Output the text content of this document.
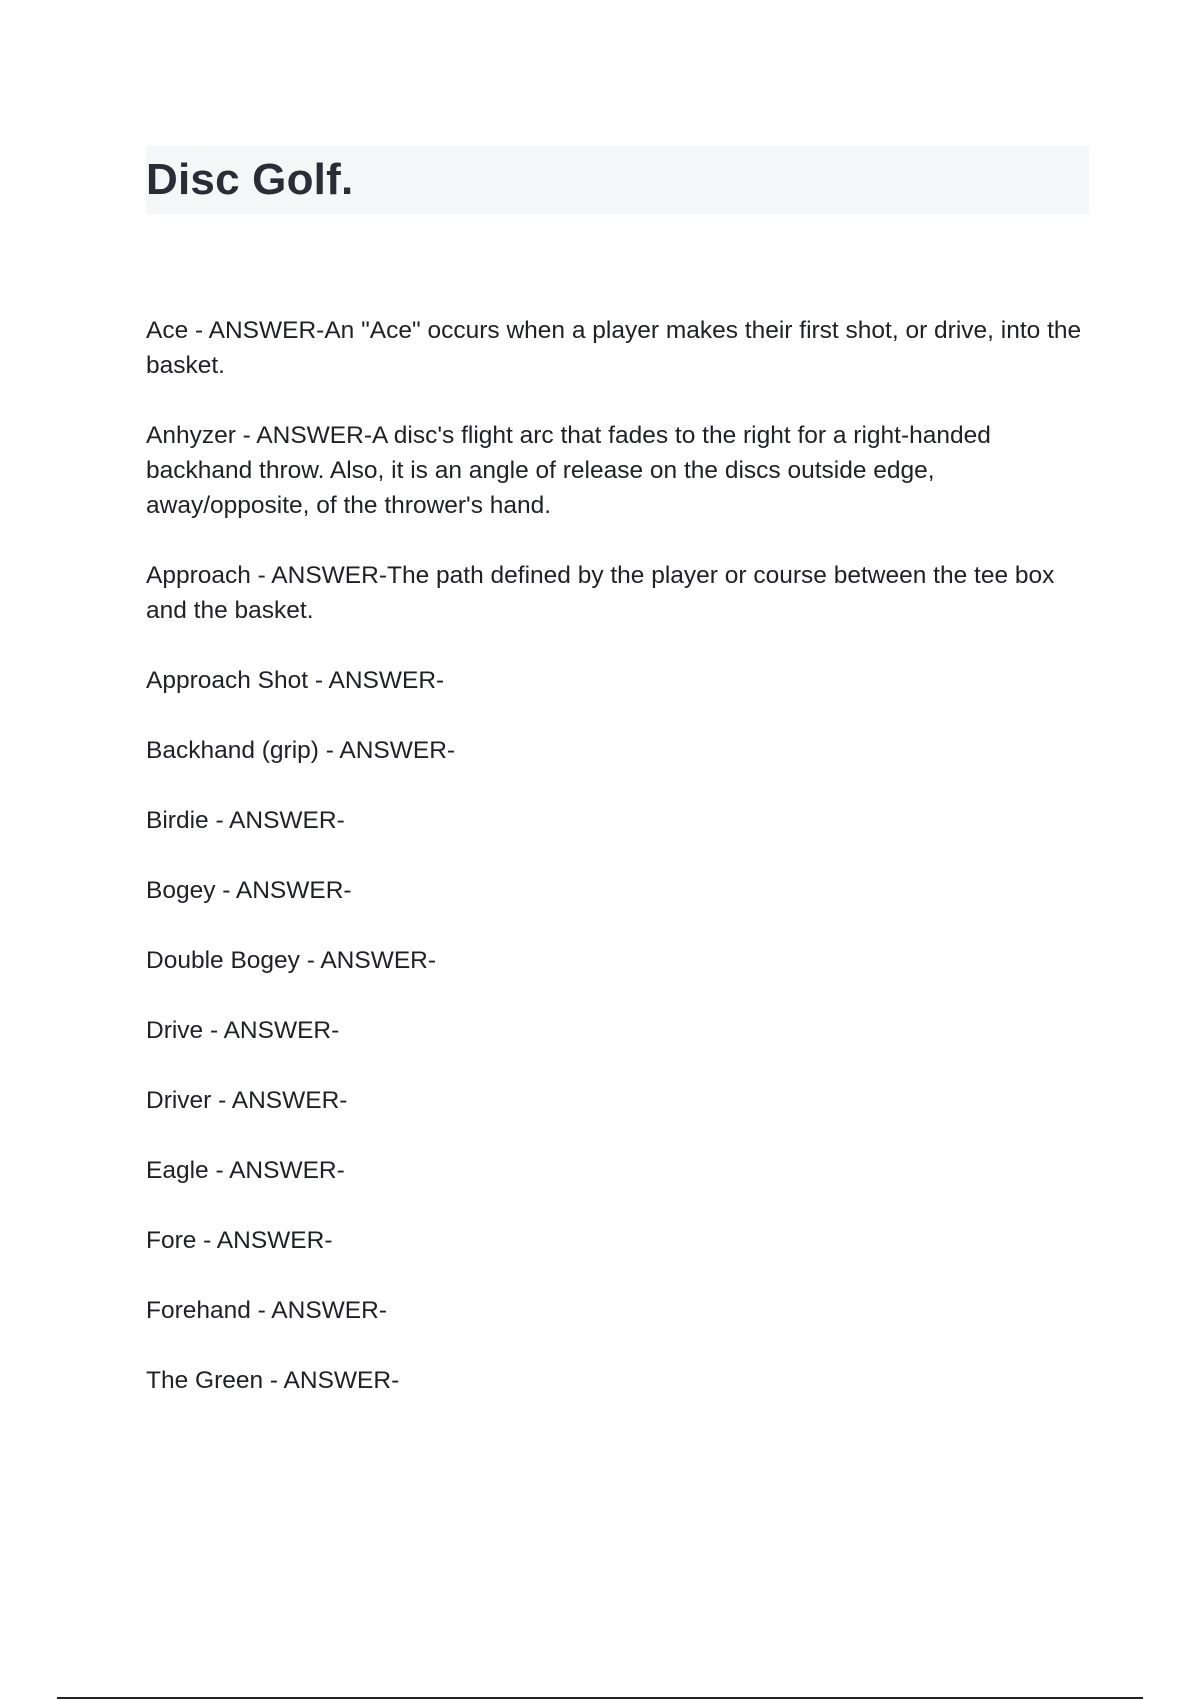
Disc Golf.

Ace - ANSWER-An "Ace" occurs when a player makes their first shot, or drive, into the basket.

Anhyzer - ANSWER-A disc's flight arc that fades to the right for a right-handed backhand throw. Also, it is an angle of release on the discs outside edge, away/opposite, of the thrower's hand.

Approach - ANSWER-The path defined by the player or course between the tee box and the basket.

Approach Shot - ANSWER-

Backhand (grip) - ANSWER-

Birdie - ANSWER-

Bogey - ANSWER-

Double Bogey - ANSWER-

Drive - ANSWER-

Driver - ANSWER-

Eagle - ANSWER-

Fore - ANSWER-

Forehand - ANSWER-

The Green - ANSWER-
